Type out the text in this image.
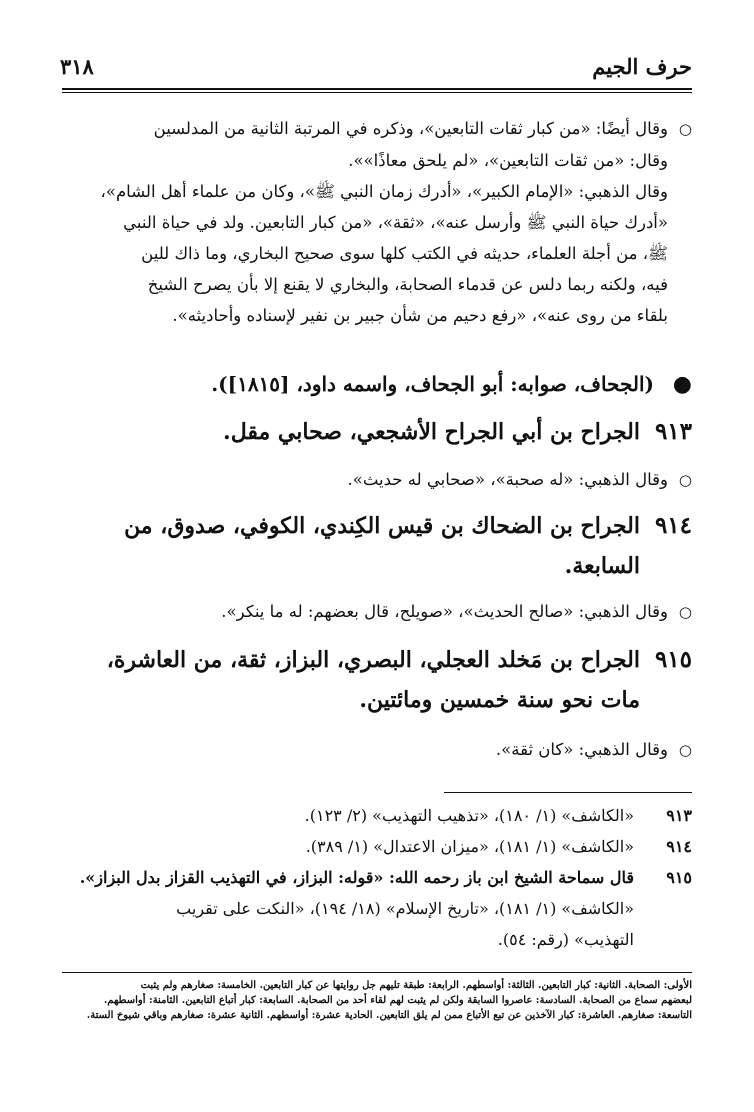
حرف الجيم
٣١٨

○وقال أيضًا: «من كبار ثقات التابعين»، وذكره في المرتبة الثانية من المدلسين

وقال: «من ثقات التابعين»، «لم يلحق معاذًا»».

وقال الذهبي: «الإمام الكبير»، «أدرك زمان النبي ﷺ»، وكان من علماء أهل الشام»،

«أدرك حياة النبي ﷺ وأرسل عنه»، «ثقة»، «من كبار التابعين. ولد في حياة النبي

ﷺ، من أجلة العلماء، حديثه في الكتب كلها سوى صحيح البخاري، وما ذاك للين

فيه، ولكنه ربما دلس عن قدماء الصحابة، والبخاري لا يقنع إلا بأن يصرح الشيخ

بلقاء من روى عنه»، «رفع دحيم من شأن جبير بن نفير لإسناده وأحاديثه».

●(الجحاف، صوابه: أبو الجحاف، واسمه داود، [١٨١٥]).

٩١٣الجراح بن أبي الجراح الأشجعي، صحابي مقل.

○وقال الذهبي: «له صحبة»، «صحابي له حديث».

٩١٤الجراح بن الضحاك بن قيس الكِندي، الكوفي، صدوق، من

السابعة.

○وقال الذهبي: «صالح الحديث»، «صويلح، قال بعضهم: له ما ينكر».

٩١٥الجراح بن مَخلد العجلي، البصري، البزاز، ثقة، من العاشرة،

مات نحو سنة خمسين ومائتين.

○وقال الذهبي: «كان ثقة».

٩١٣«الكاشف» (١/ ١٨٠)، «تذهيب التهذيب» (٢/ ١٢٣).

٩١٤«الكاشف» (١/ ١٨١)، «ميزان الاعتدال» (١/ ٣٨٩).

٩١٥قال سماحة الشيخ ابن باز رحمه الله: «قوله: البزاز، في التهذيب القزاز بدل البزاز».

«الكاشف» (١/ ١٨١)، «تاريخ الإسلام» (١٨/ ١٩٤)، «النكت على تقريب

التهذيب» (رقم: ٥٤).

الأولى: الصحابة. الثانية: كبار التابعين. الثالثة: أواسطهم. الرابعة: طبقة تليهم جل روايتها عن كبار التابعين. الخامسة: صغارهم ولم يثبت
لبعضهم سماع من الصحابة. السادسة: عاصروا السابقة ولكن لم يثبت لهم لقاء أحد من الصحابة. السابعة: كبار أتباع التابعين. الثامنة: أواسطهم.
التاسعة: صغارهم. العاشرة: كبار الآخذين عن تبع الأتباع ممن لم يلق التابعين. الحادية عشرة: أواسطهم. الثانية عشرة: صغارهم وباقي شيوخ الستة.
